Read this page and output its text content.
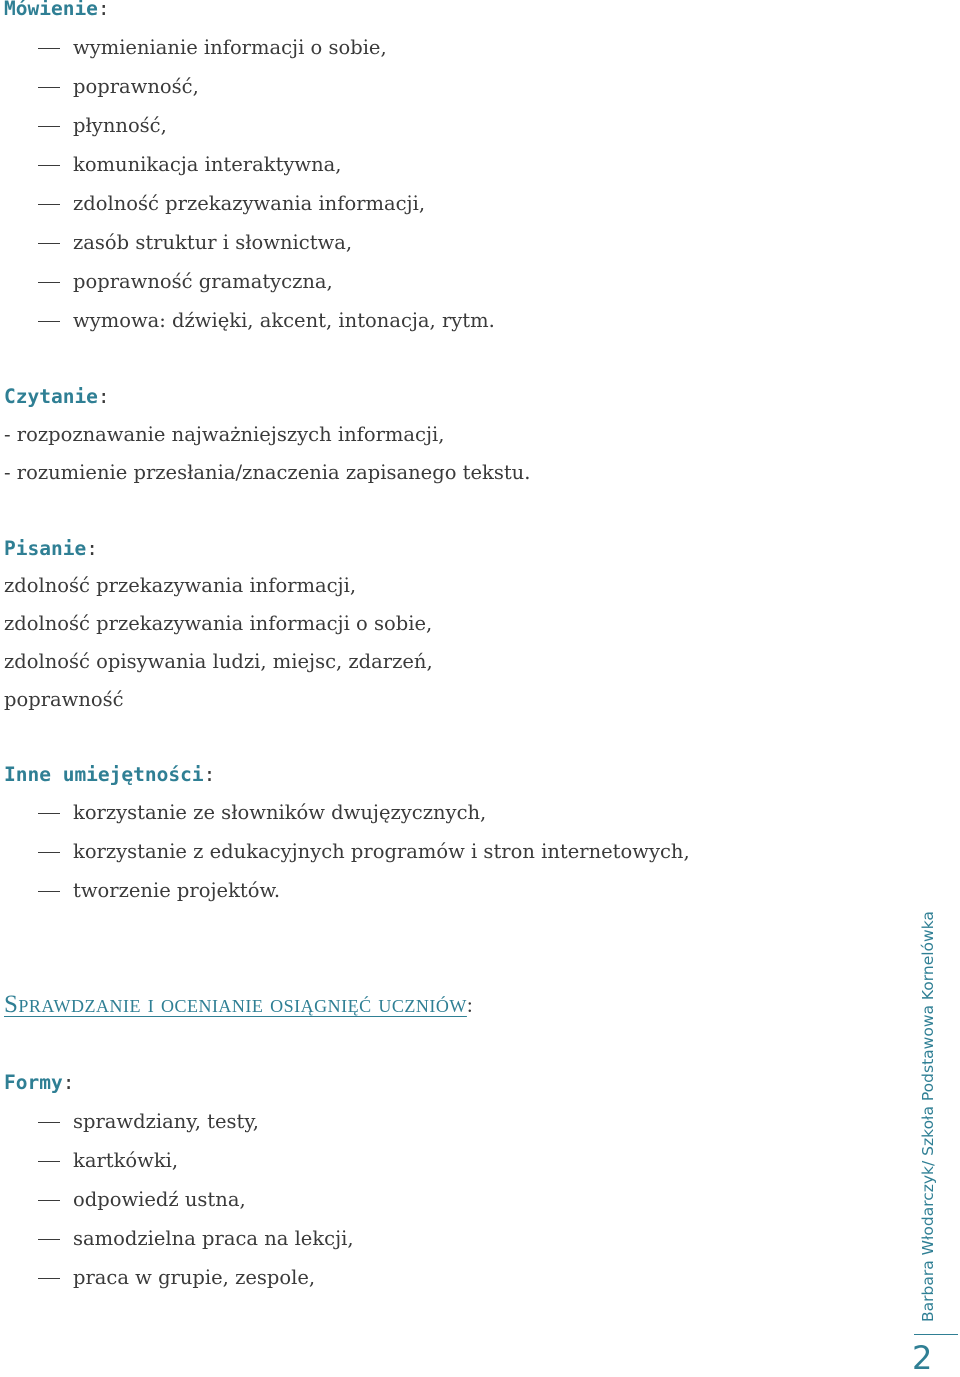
Mówienie:

wymienianie informacji o sobie,
poprawność,
płynność,
komunikacja interaktywna,
zdolność przekazywania informacji,
zasób struktur i słownictwa,
poprawność gramatyczna,
wymowa: dźwięki, akcent, intonacja, rytm.

Czytanie:

- rozpoznawanie najważniejszych informacji,
- rozumienie przesłania/znaczenia zapisanego tekstu.

Pisanie:

zdolność przekazywania informacji,
zdolność przekazywania informacji o sobie,
zdolność opisywania ludzi, miejsc, zdarzeń,
poprawność

Inne umiejętności:

korzystanie ze słowników dwujęzycznych,
korzystanie z edukacyjnych programów i stron internetowych,
tworzenie projektów.

Sprawdzanie i ocenianie osiągnięć uczniów:

Formy:

sprawdziany, testy,
kartkówki,
odpowiedź ustna,
samodzielna praca na lekcji,
praca w grupie, zespole,	Barbara Włodarczyk/ Szkoła Podstawowa Kornelówka
2
